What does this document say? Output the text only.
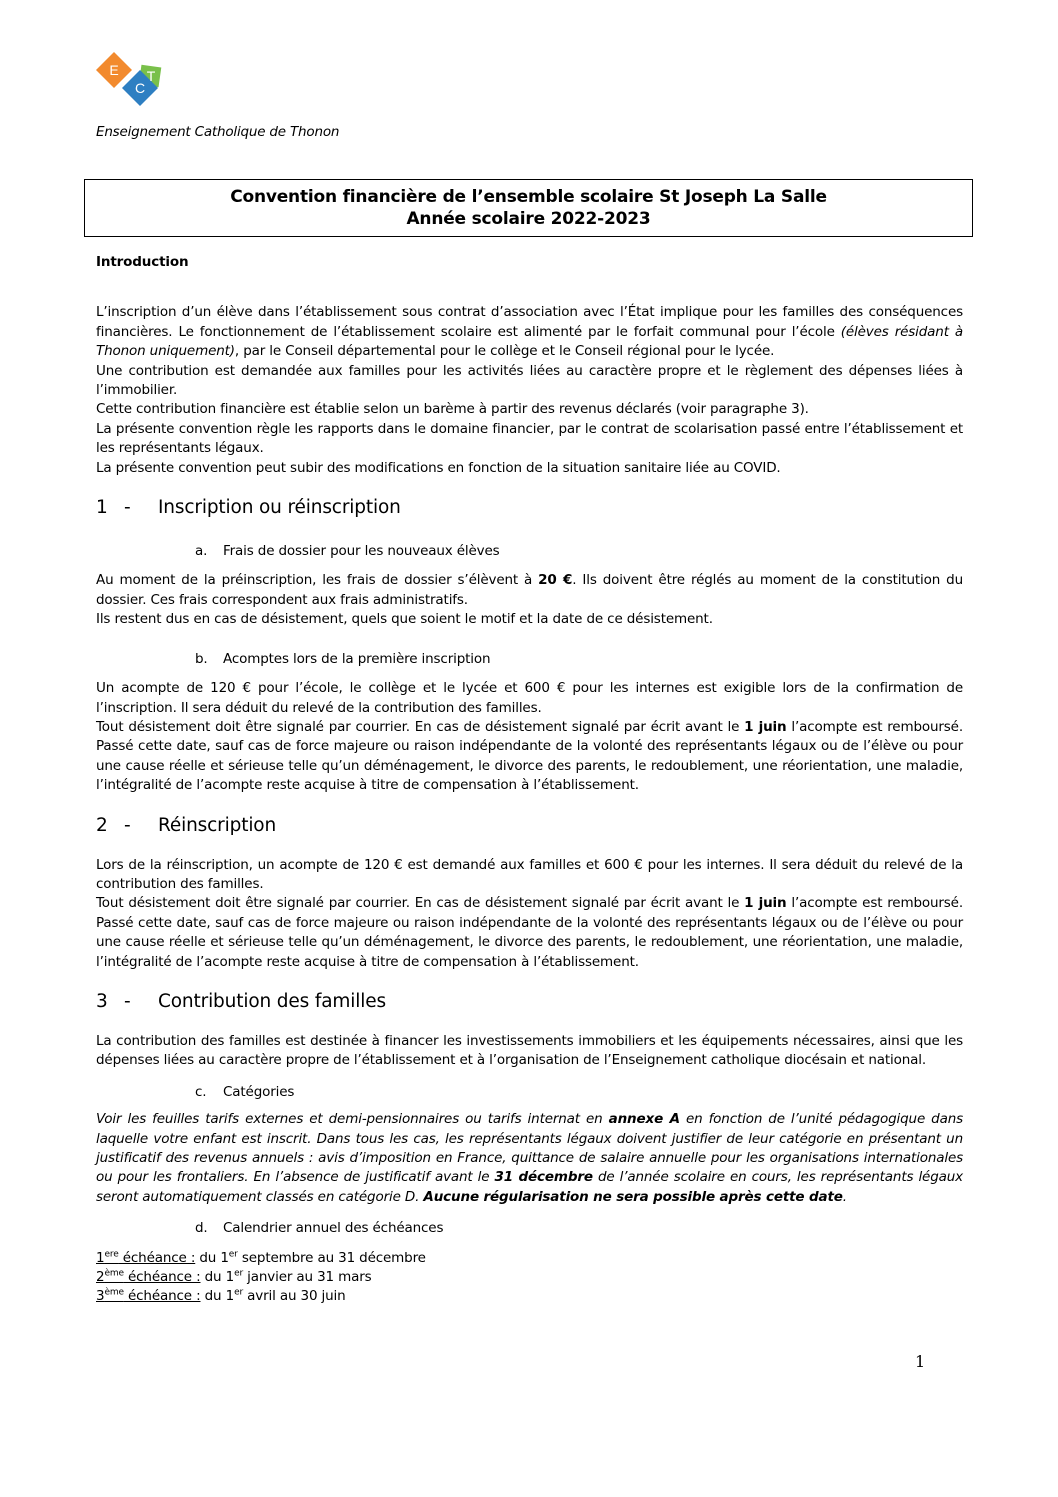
E T
C
Enseignement Catholique de Thonon
Convention financière de l’ensemble scolaire St Joseph La Salle
Année scolaire 2022-2023
Introduction

L’inscription d’un élève dans l’établissement sous contrat d’association avec l’État implique pour les familles des conséquences financières. Le fonctionnement de l’établissement scolaire est alimenté par le forfait communal pour l’école (élèves résidant à Thonon uniquement), par le Conseil départemental pour le collège et le Conseil régional pour le lycée.

Une contribution est demandée aux familles pour les activités liées au caractère propre et le règlement des dépenses liées à l’immobilier.

Cette contribution financière est établie selon un barème à partir des revenus déclarés (voir paragraphe 3).

La présente convention règle les rapports dans le domaine financier, par le contrat de scolarisation passé entre l’établissement et les représentants légaux.

La présente convention peut subir des modifications en fonction de la situation sanitaire liée au COVID.

1 -	Inscription ou réinscription
a.	Frais de dossier pour les nouveaux élèves

Au moment de la préinscription, les frais de dossier s’élèvent à 20 €. Ils doivent être réglés au moment de la constitution du dossier. Ces frais correspondent aux frais administratifs.

Ils restent dus en cas de désistement, quels que soient le motif et la date de ce désistement.

b.	Acomptes lors de la première inscription

Un acompte de 120 € pour l’école, le collège et le lycée et 600 € pour les internes est exigible lors de la confirmation de l’inscription. Il sera déduit du relevé de la contribution des familles.

Tout désistement doit être signalé par courrier. En cas de désistement signalé par écrit avant le 1 juin l’acompte est remboursé. Passé cette date, sauf cas de force majeure ou raison indépendante de la volonté des représentants légaux ou de l’élève ou pour une cause réelle et sérieuse telle qu’un déménagement, le divorce des parents, le redoublement, une réorientation, une maladie, l’intégralité de l’acompte reste acquise à titre de compensation à l’établissement.

2 -	Réinscription

Lors de la réinscription, un acompte de 120 € est demandé aux familles et 600 € pour les internes. Il sera déduit du relevé de la contribution des familles.

Tout désistement doit être signalé par courrier. En cas de désistement signalé par écrit avant le 1 juin l’acompte est remboursé. Passé cette date, sauf cas de force majeure ou raison indépendante de la volonté des représentants légaux ou de l’élève ou pour une cause réelle et sérieuse telle qu’un déménagement, le divorce des parents, le redoublement, une réorientation, une maladie, l’intégralité de l’acompte reste acquise à titre de compensation à l’établissement.

3 -	Contribution des familles

La contribution des familles est destinée à financer les investissements immobiliers et les équipements nécessaires, ainsi que les dépenses liées au caractère propre de l’établissement et à l’organisation de l’Enseignement catholique diocésain et national.

c.	Catégories

Voir les feuilles tarifs externes et demi-pensionnaires ou tarifs internat en annexe A en fonction de l’unité pédagogique dans laquelle votre enfant est inscrit. Dans tous les cas, les représentants légaux doivent justifier de leur catégorie en présentant un justificatif des revenus annuels : avis d’imposition en France, quittance de salaire annuelle pour les organisations internationales ou pour les frontaliers. En l’absence de justificatif avant le 31 décembre de l’année scolaire en cours, les représentants légaux seront automatiquement classés en catégorie D. Aucune régularisation ne sera possible après cette date.

d.	Calendrier annuel des échéances

1ere échéance : du 1er septembre au 31 décembre

2ème échéance : du 1er janvier au 31 mars

3ème échéance : du 1er avril au 30 juin

1
